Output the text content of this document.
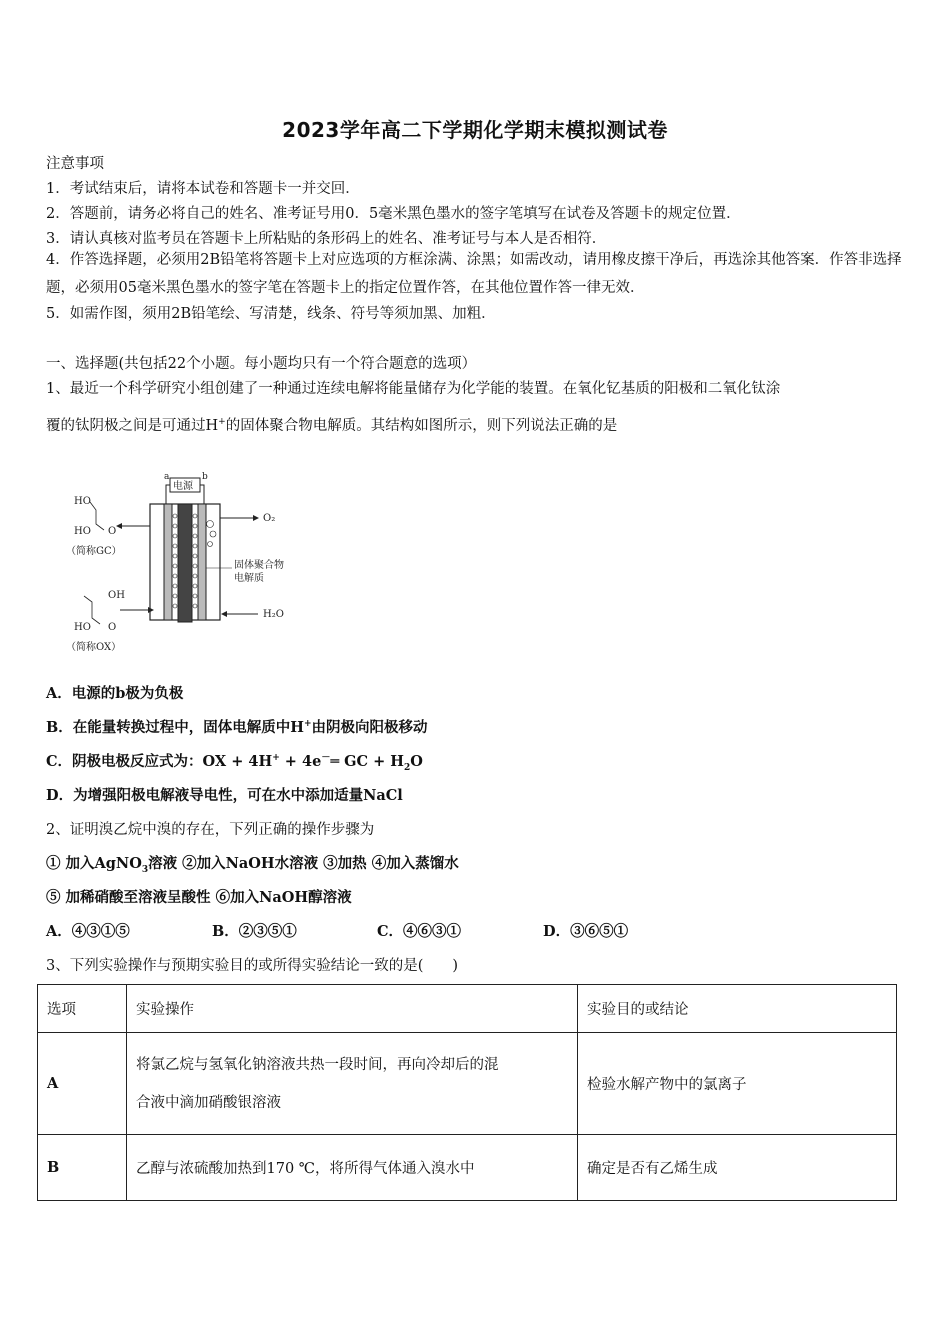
2023学年高二下学期化学期末模拟测试卷
注意事项
1．考试结束后，请将本试卷和答题卡一并交回．
2．答题前，请务必将自己的姓名、准考证号用0．5毫米黑色墨水的签字笔填写在试卷及答题卡的规定位置．
3．请认真核对监考员在答题卡上所粘贴的条形码上的姓名、准考证号与本人是否相符．
4．作答选择题，必须用2B铅笔将答题卡上对应选项的方框涂满、涂黑；如需改动，请用橡皮擦干净后，再选涂其他答案．作答非选择题，必须用05毫米黑色墨水的签字笔在答题卡上的指定位置作答，在其他位置作答一律无效．
5．如需作图，须用2B铅笔绘、写清楚，线条、符号等须加黑、加粗．
一、选择题(共包括22个小题。每小题均只有一个符合题意的选项）
1、最近一个科学研究小组创建了一种通过连续电解将能量储存为化学能的装置。在氧化钇基质的阳极和二氧化钛涂
覆的钛阴极之间是可通过H+的固体聚合物电解质。其结构如图所示，则下列说法正确的是
电源
a	b
O₂
H₂O
固体聚合物
电解质
HO
HO O
（简称GC）
OH
HO O
（简称OX）
A．电源的b极为负极
B．在能量转换过程中，固体电解质中H+由阴极向阳极移动
C．阴极电极反应式为：OX + 4H+ + 4e－═ GC + $H_2O$
D．为增强阳极电解液导电性，可在水中添加适量NaCl
2、证明溴乙烷中溴的存在，下列正确的操作步骤为
① 加入AgNO$_3$溶液 ②加入NaOH水溶液 ③加热 ④加入蒸馏水
⑤ 加稀硝酸至溶液呈酸性 ⑥加入NaOH醇溶液
A．④③①⑤	B．②③⑤①	C．④⑥③①	D．③⑥⑤①
3、下列实验操作与预期实验目的或所得实验结论一致的是(　　)
选项	实验操作	实验目的或结论
A	将氯乙烷与氢氧化钠溶液共热一段时间，再向冷却后的混
合液中滴加硝酸银溶液	检验水解产物中的氯离子
B	乙醇与浓硫酸加热到170 ℃，将所得气体通入溴水中	确定是否有乙烯生成
